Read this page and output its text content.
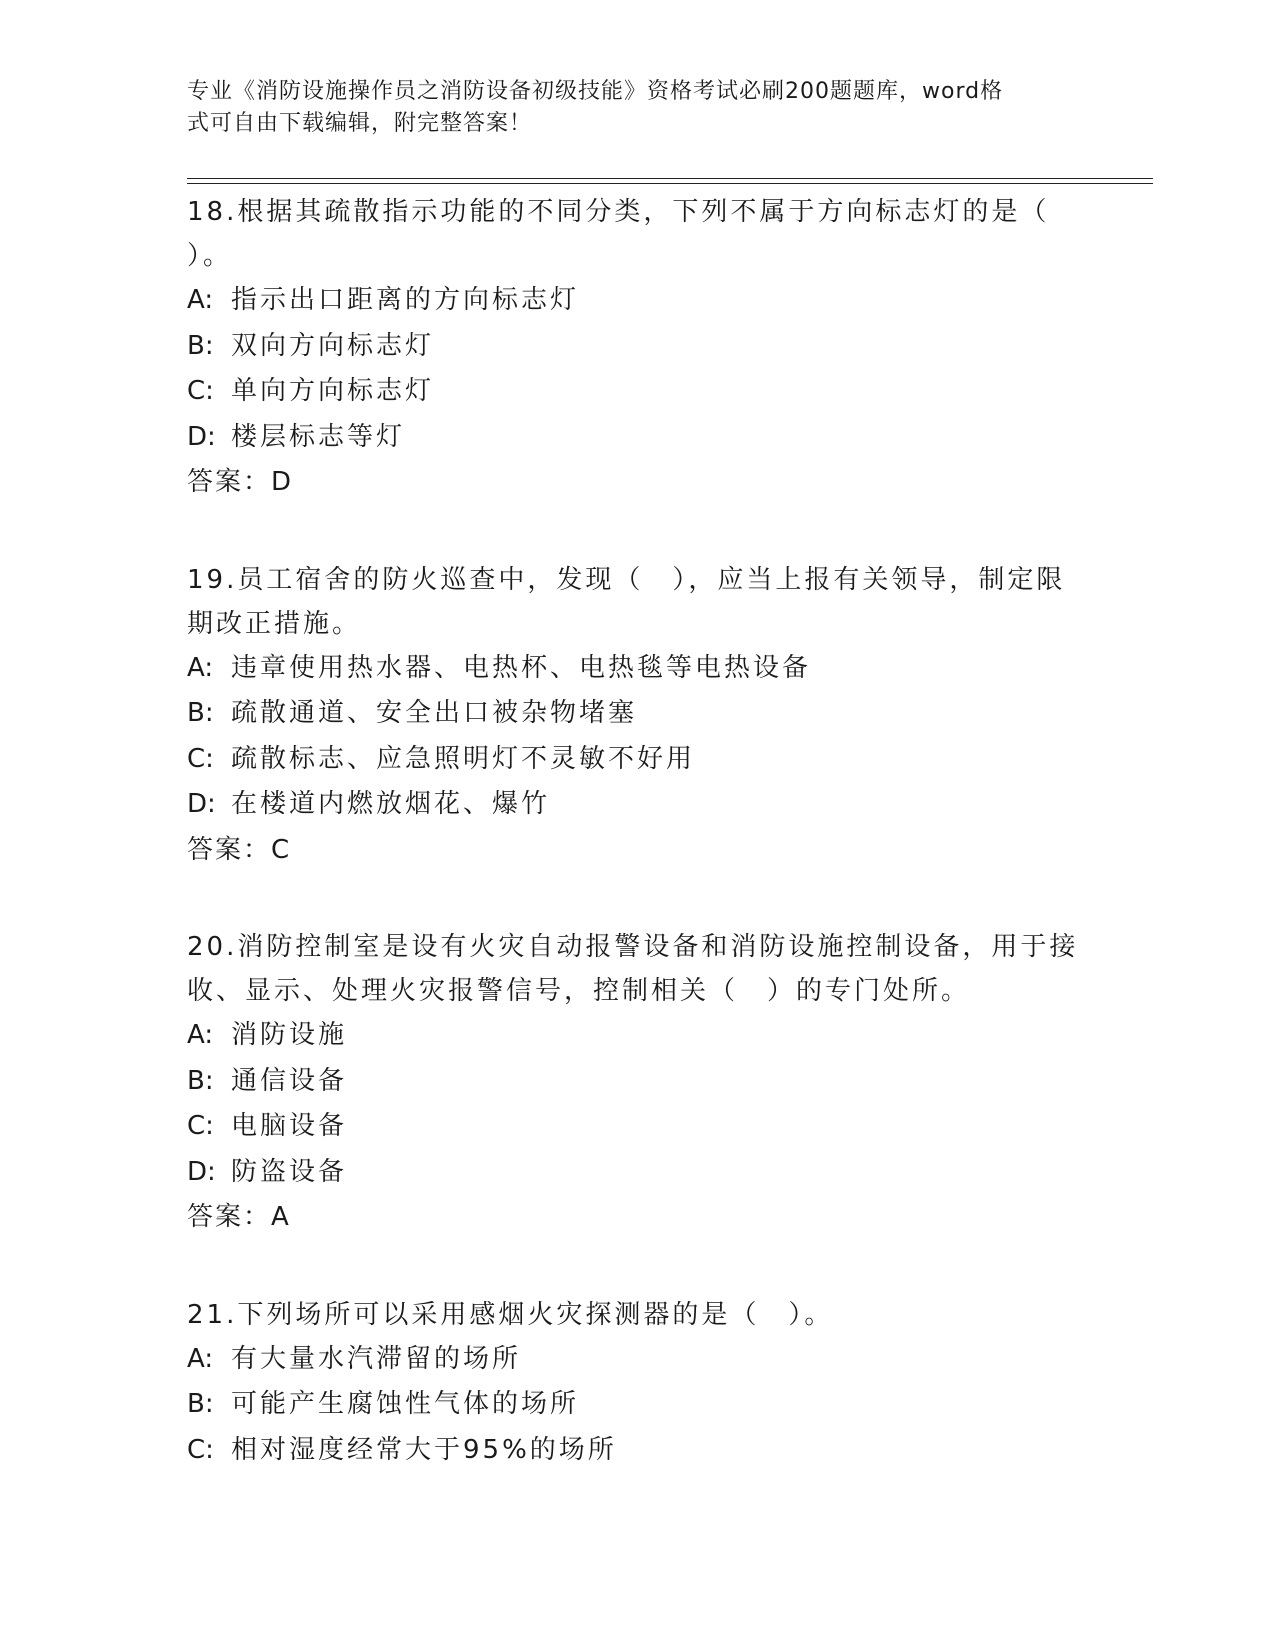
专业《消防设施操作员之消防设备初级技能》资格考试必刷200题题库，word格
式可自由下载编辑，附完整答案！

18.根据其疏散指示功能的不同分类，下列不属于方向标志灯的是（

）。

A: 指示出口距离的方向标志灯

B: 双向方向标志灯

C: 单向方向标志灯

D: 楼层标志等灯

答案：D

19.员工宿舍的防火巡查中，发现（　），应当上报有关领导，制定限

期改正措施。

A: 违章使用热水器、电热杯、电热毯等电热设备

B: 疏散通道、安全出口被杂物堵塞

C: 疏散标志、应急照明灯不灵敏不好用

D: 在楼道内燃放烟花、爆竹

答案：C

20.消防控制室是设有火灾自动报警设备和消防设施控制设备，用于接

收、显示、处理火灾报警信号，控制相关（　）的专门处所。

A: 消防设施

B: 通信设备

C: 电脑设备

D: 防盗设备

答案：A

21.下列场所可以采用感烟火灾探测器的是（　）。

A: 有大量水汽滞留的场所

B: 可能产生腐蚀性气体的场所

C: 相对湿度经常大于95%的场所
